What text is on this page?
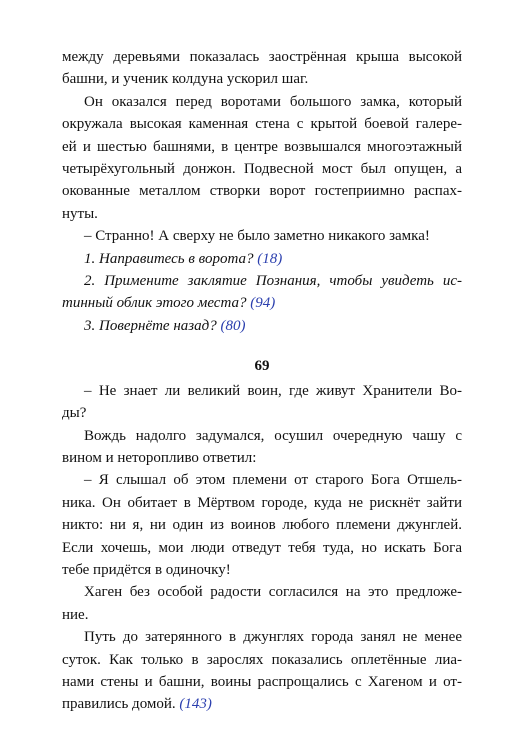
между деревьями показалась заострённая крыша высокой
башни, и ученик колдуна ускорил шаг.
Он оказался перед воротами большого замка, который
окружала высокая каменная стена с крытой боевой галере-
ей и шестью башнями, в центре возвышался многоэтажный
четырёхугольный донжон. Подвесной мост был опущен, а
окованные металлом створки ворот гостеприимно распах-
нуты.
– Странно! А сверху не было заметно никакого замка!
1. Направитесь в ворота? (18)
2. Примените заклятие Познания, чтобы увидеть ис-
тинный облик этого места? (94)
3. Повернёте назад? (80)
69
– Не знает ли великий воин, где живут Хранители Во-
ды?
Вождь надолго задумался, осушил очередную чашу с
вином и неторопливо ответил:
– Я слышал об этом племени от старого Бога Отшель-
ника. Он обитает в Мёртвом городе, куда не рискнёт зайти
никто: ни я, ни один из воинов любого племени джунглей.
Если хочешь, мои люди отведут тебя туда, но искать Бога
тебе придётся в одиночку!
Хаген без особой радости согласился на это предложе-
ние.
Путь до затерянного в джунглях города занял не менее
суток. Как только в зарослях показались оплетённые лиа-
нами стены и башни, воины распрощались с Хагеном и от-
правились домой. (143)
